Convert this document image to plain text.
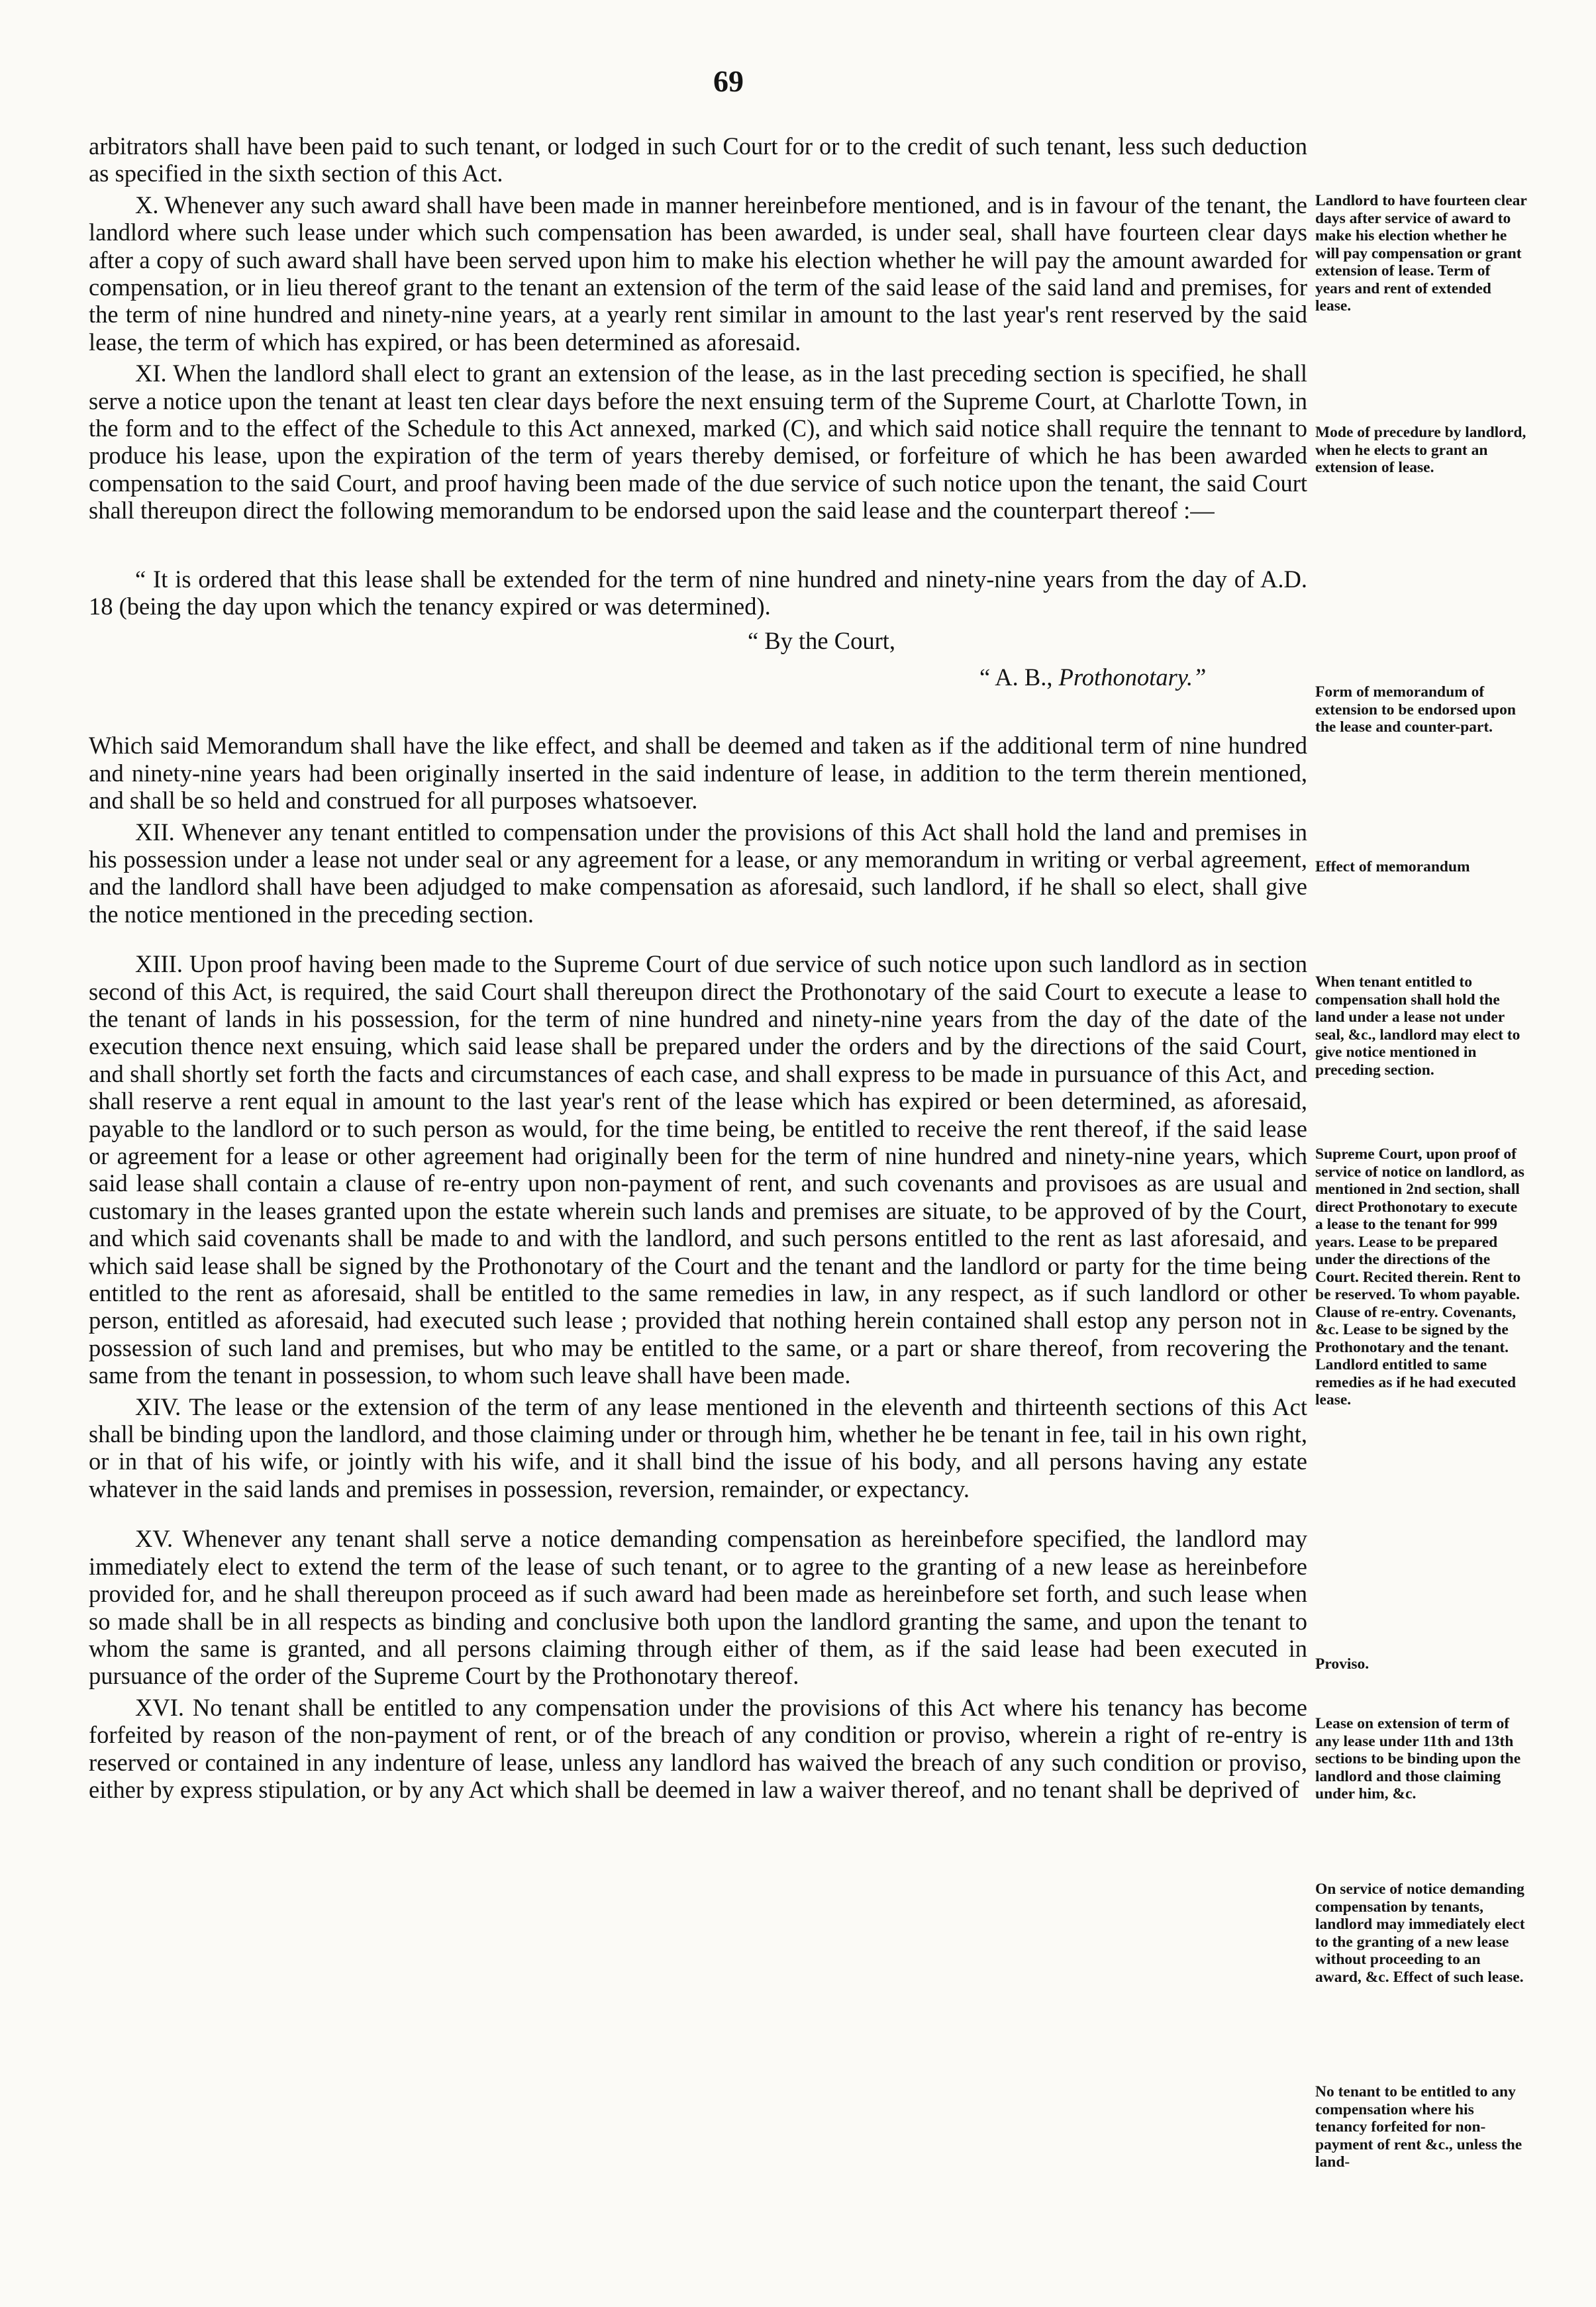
69

arbitrators shall have been paid to such tenant, or lodged in such Court for or to the credit of such tenant, less such deduction as specified in the sixth section of this Act.

X. Whenever any such award shall have been made in manner hereinbefore mentioned, and is in favour of the tenant, the landlord where such lease under which such compensation has been awarded, is under seal, shall have fourteen clear days after a copy of such award shall have been served upon him to make his election whether he will pay the amount awarded for compensation, or in lieu thereof grant to the tenant an extension of the term of the said lease of the said land and premises, for the term of nine hundred and ninety-nine years, at a yearly rent similar in amount to the last year's rent reserved by the said lease, the term of which has expired, or has been determined as aforesaid.

XI. When the landlord shall elect to grant an extension of the lease, as in the last preceding section is specified, he shall serve a notice upon the tenant at least ten clear days before the next ensuing term of the Supreme Court, at Charlotte Town, in the form and to the effect of the Schedule to this Act annexed, marked (C), and which said notice shall require the tennant to produce his lease, upon the expiration of the term of years thereby demised, or forfeiture of which he has been awarded compensation to the said Court, and proof having been made of the due service of such notice upon the tenant, the said Court shall thereupon direct the following memorandum to be endorsed upon the said lease and the counterpart thereof :—

“ It is ordered that this lease shall be extended for the term of nine hundred and ninety-nine years from the day of A.D. 18 (being the day upon which the tenancy expired or was determined).

“ By the Court,

“ A. B., Prothonotary.”

Which said Memorandum shall have the like effect, and shall be deemed and taken as if the additional term of nine hundred and ninety-nine years had been originally inserted in the said indenture of lease, in addition to the term therein mentioned, and shall be so held and construed for all purposes whatsoever.

XII. Whenever any tenant entitled to compensation under the provisions of this Act shall hold the land and premises in his possession under a lease not under seal or any agreement for a lease, or any memorandum in writing or verbal agreement, and the landlord shall have been adjudged to make compensation as aforesaid, such landlord, if he shall so elect, shall give the notice mentioned in the preceding section.

XIII. Upon proof having been made to the Supreme Court of due service of such notice upon such landlord as in section second of this Act, is required, the said Court shall thereupon direct the Prothonotary of the said Court to execute a lease to the tenant of lands in his possession, for the term of nine hundred and ninety-nine years from the day of the date of the execution thence next ensuing, which said lease shall be prepared under the orders and by the directions of the said Court, and shall shortly set forth the facts and circumstances of each case, and shall express to be made in pursuance of this Act, and shall reserve a rent equal in amount to the last year's rent of the lease which has expired or been determined, as aforesaid, payable to the landlord or to such person as would, for the time being, be entitled to receive the rent thereof, if the said lease or agreement for a lease or other agreement had originally been for the term of nine hundred and ninety-nine years, which said lease shall contain a clause of re-entry upon non-payment of rent, and such covenants and provisoes as are usual and customary in the leases granted upon the estate wherein such lands and premises are situate, to be approved of by the Court, and which said covenants shall be made to and with the landlord, and such persons entitled to the rent as last aforesaid, and which said lease shall be signed by the Prothonotary of the Court and the tenant and the landlord or party for the time being entitled to the rent as aforesaid, shall be entitled to the same remedies in law, in any respect, as if such landlord or other person, entitled as aforesaid, had executed such lease ; provided that nothing herein contained shall estop any person not in possession of such land and premises, but who may be entitled to the same, or a part or share thereof, from recovering the same from the tenant in possession, to whom such leave shall have been made.

XIV. The lease or the extension of the term of any lease mentioned in the eleventh and thirteenth sections of this Act shall be binding upon the landlord, and those claiming under or through him, whether he be tenant in fee, tail in his own right, or in that of his wife, or jointly with his wife, and it shall bind the issue of his body, and all persons having any estate whatever in the said lands and premises in possession, reversion, remainder, or expectancy.

XV. Whenever any tenant shall serve a notice demanding compensation as hereinbefore specified, the landlord may immediately elect to extend the term of the lease of such tenant, or to agree to the granting of a new lease as hereinbefore provided for, and he shall thereupon proceed as if such award had been made as hereinbefore set forth, and such lease when so made shall be in all respects as binding and conclusive both upon the landlord granting the same, and upon the tenant to whom the same is granted, and all persons claiming through either of them, as if the said lease had been executed in pursuance of the order of the Supreme Court by the Prothonotary thereof.

XVI. No tenant shall be entitled to any compensation under the provisions of this Act where his tenancy has become forfeited by reason of the non-payment of rent, or of the breach of any condition or proviso, wherein a right of re-entry is reserved or contained in any indenture of lease, unless any landlord has waived the breach of any such condition or proviso, either by express stipulation, or by any Act which shall be deemed in law a waiver thereof, and no tenant shall be deprived of

Landlord to have fourteen clear days after service of award to make his election whether he will pay compensation or grant extension of lease. Term of years and rent of extended lease.
Mode of precedure by landlord, when he elects to grant an extension of lease.
Form of memorandum of extension to be endorsed upon the lease and counter-part.
Effect of memorandum
When tenant entitled to compensation shall hold the land under a lease not under seal, &c., landlord may elect to give notice mentioned in preceding section.
Supreme Court, upon proof of service of notice on landlord, as mentioned in 2nd section, shall direct Prothonotary to execute a lease to the tenant for 999 years. Lease to be prepared under the directions of the Court. Recited therein. Rent to be reserved. To whom payable. Clause of re-entry. Covenants, &c. Lease to be signed by the Prothonotary and the tenant. Landlord entitled to same remedies as if he had executed lease.
Proviso.
Lease on extension of term of any lease under 11th and 13th sections to be binding upon the landlord and those claiming under him, &c.
On service of notice demanding compensation by tenants, landlord may immediately elect to the granting of a new lease without proceeding to an award, &c. Effect of such lease.
No tenant to be entitled to any compensation where his tenancy forfeited for non-payment of rent &c., unless the land-
